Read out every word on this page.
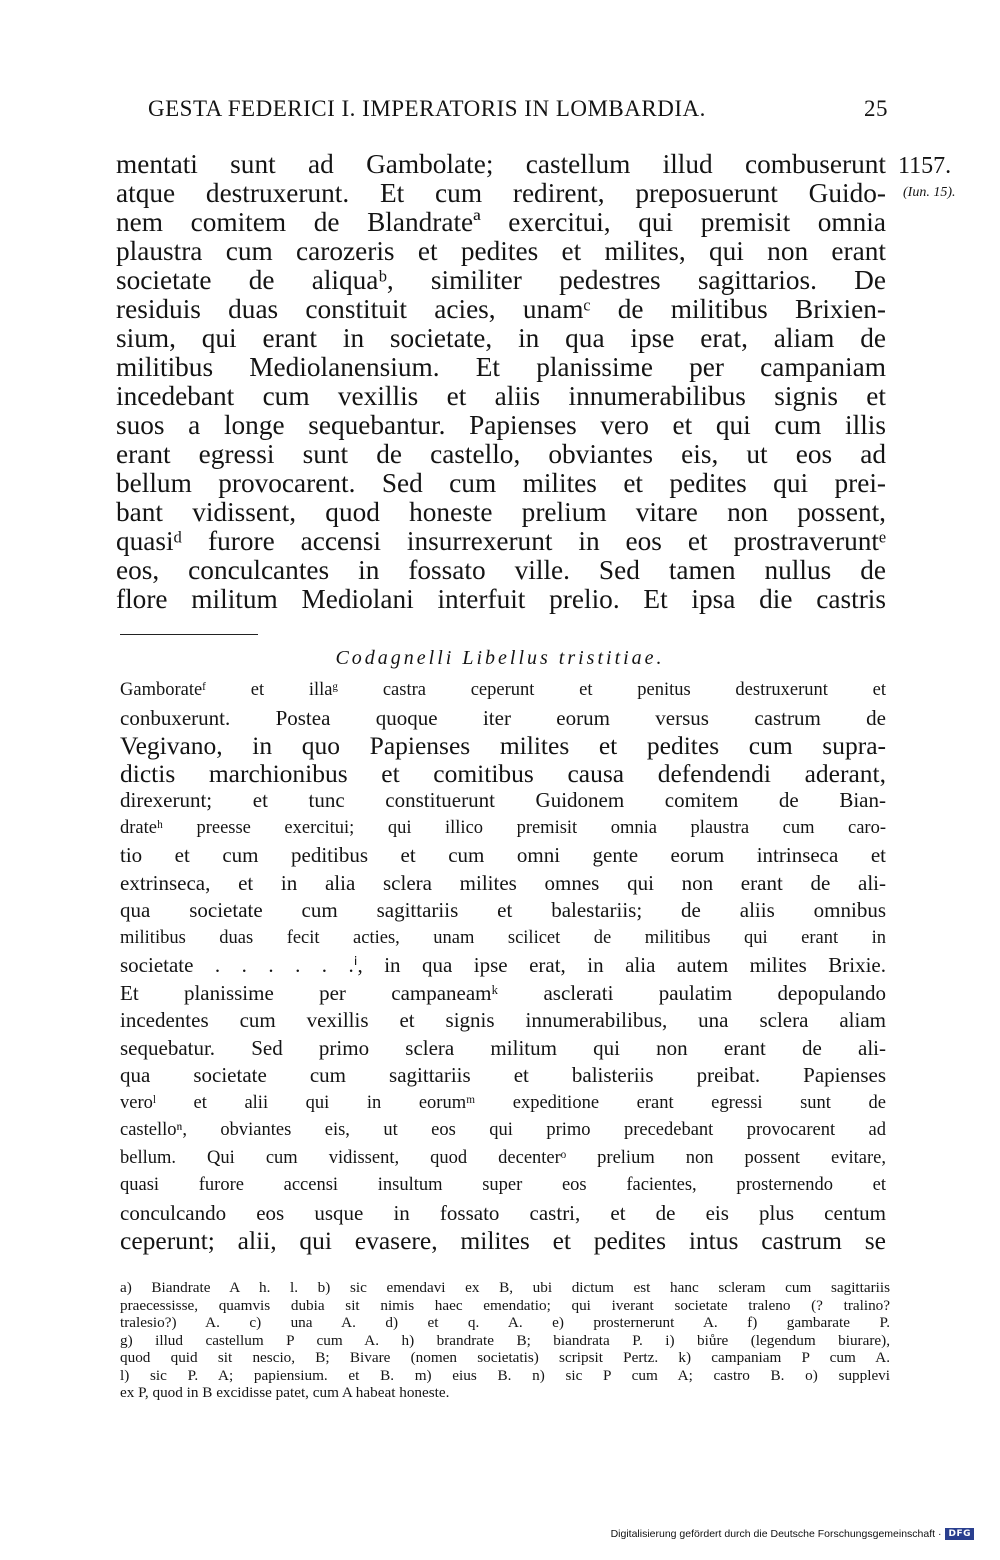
GESTA FEDERICI I. IMPERATORIS IN LOMBARDIA.	25
1157.
(Iun. 15).
mentati sunt ad Gambolate; castellum illud combuserunt
atque destruxerunt. Et cum redirent, preposuerunt Guido-
nem comitem de Blandrateª exercitui, qui premisit omnia
plaustra cum carozeris et pedites et milites, qui non erant
societate de aliquaᵇ, similiter pedestres sagittarios. De
residuis duas constituit acies, unamᶜ de militibus Brixien-
sium, qui erant in societate, in qua ipse erat, aliam de
militibus Mediolanensium. Et planissime per campaniam
incedebant cum vexillis et aliis innumerabilibus signis et
suos a longe sequebantur. Papienses vero et qui cum illis
erant egressi sunt de castello, obviantes eis, ut eos ad
bellum provocarent. Sed cum milites et pedites qui prei-
bant vidissent, quod honeste prelium vitare non possent,
quasiᵈ furore accensi insurrexerunt in eos et prostraveruntᵉ
eos, conculcantes in fossato ville. Sed tamen nullus de
flore militum Mediolani interfuit prelio. Et ipsa die castris
Codagnelli Libellus tristitiae.
Gamborateᶠ et illaᵍ castra ceperunt et penitus destruxerunt et
conbuxerunt. Postea quoque iter eorum versus castrum de
Vegivano, in quo Papienses milites et pedites cum supra-
dictis marchionibus et comitibus causa defendendi aderant,
direxerunt; et tunc constituerunt Guidonem comitem de Bian-
drateʰ preesse exercitui; qui illico premisit omnia plaustra cum caro-
tio et cum peditibus et cum omni gente eorum intrinseca et
extrinseca, et in alia sclera milites omnes qui non erant de ali-
qua societate cum sagittariis et balestariis; de aliis omnibus
militibus duas fecit acties, unam scilicet de militibus qui erant in
societate . . . . . .ⁱ, in qua ipse erat, in alia autem milites Brixie.
Et planissime per campaneamᵏ asclerati paulatim depopulando
incedentes cum vexillis et signis innumerabilibus, una sclera aliam
sequebatur. Sed primo sclera militum qui non erant de ali-
qua societate cum sagittariis et balisteriis preibat. Papienses
veroˡ et alii qui in eorumᵐ expeditione erant egressi sunt de
castelloⁿ, obviantes eis, ut eos qui primo precedebant provocarent ad
bellum. Qui cum vidissent, quod decenterᵒ prelium non possent evitare,
quasi furore accensi insultum super eos facientes, prosternendo et
conculcando eos usque in fossato castri, et de eis plus centum
ceperunt; alii, qui evasere, milites et pedites intus castrum se
a) Biandrate A h. l. b) sic emendavi ex B, ubi dictum est hanc scleram cum sagittariis
praecessisse, quamvis dubia sit nimis haec emendatio; qui iverant societate traleno (? tralino?
tralesio?) A. c) una A. d) et q. A. e) prosternerunt A. f) gambarate P.
g) illud castellum P cum A. h) brandrate B; biandrata P. i) biůre (legendum biurare),
quod quid sit nescio, B; Bivare (nomen societatis) scripsit Pertz. k) campaniam P cum A.
l) sic P. A; papiensium. et B. m) eius B. n) sic P cum A; castro B. o) supplevi
ex P, quod in B excidisse patet, cum A habeat honeste.
Digitalisierung gefördert durch die Deutsche Forschungsgemeinschaft · DFG
